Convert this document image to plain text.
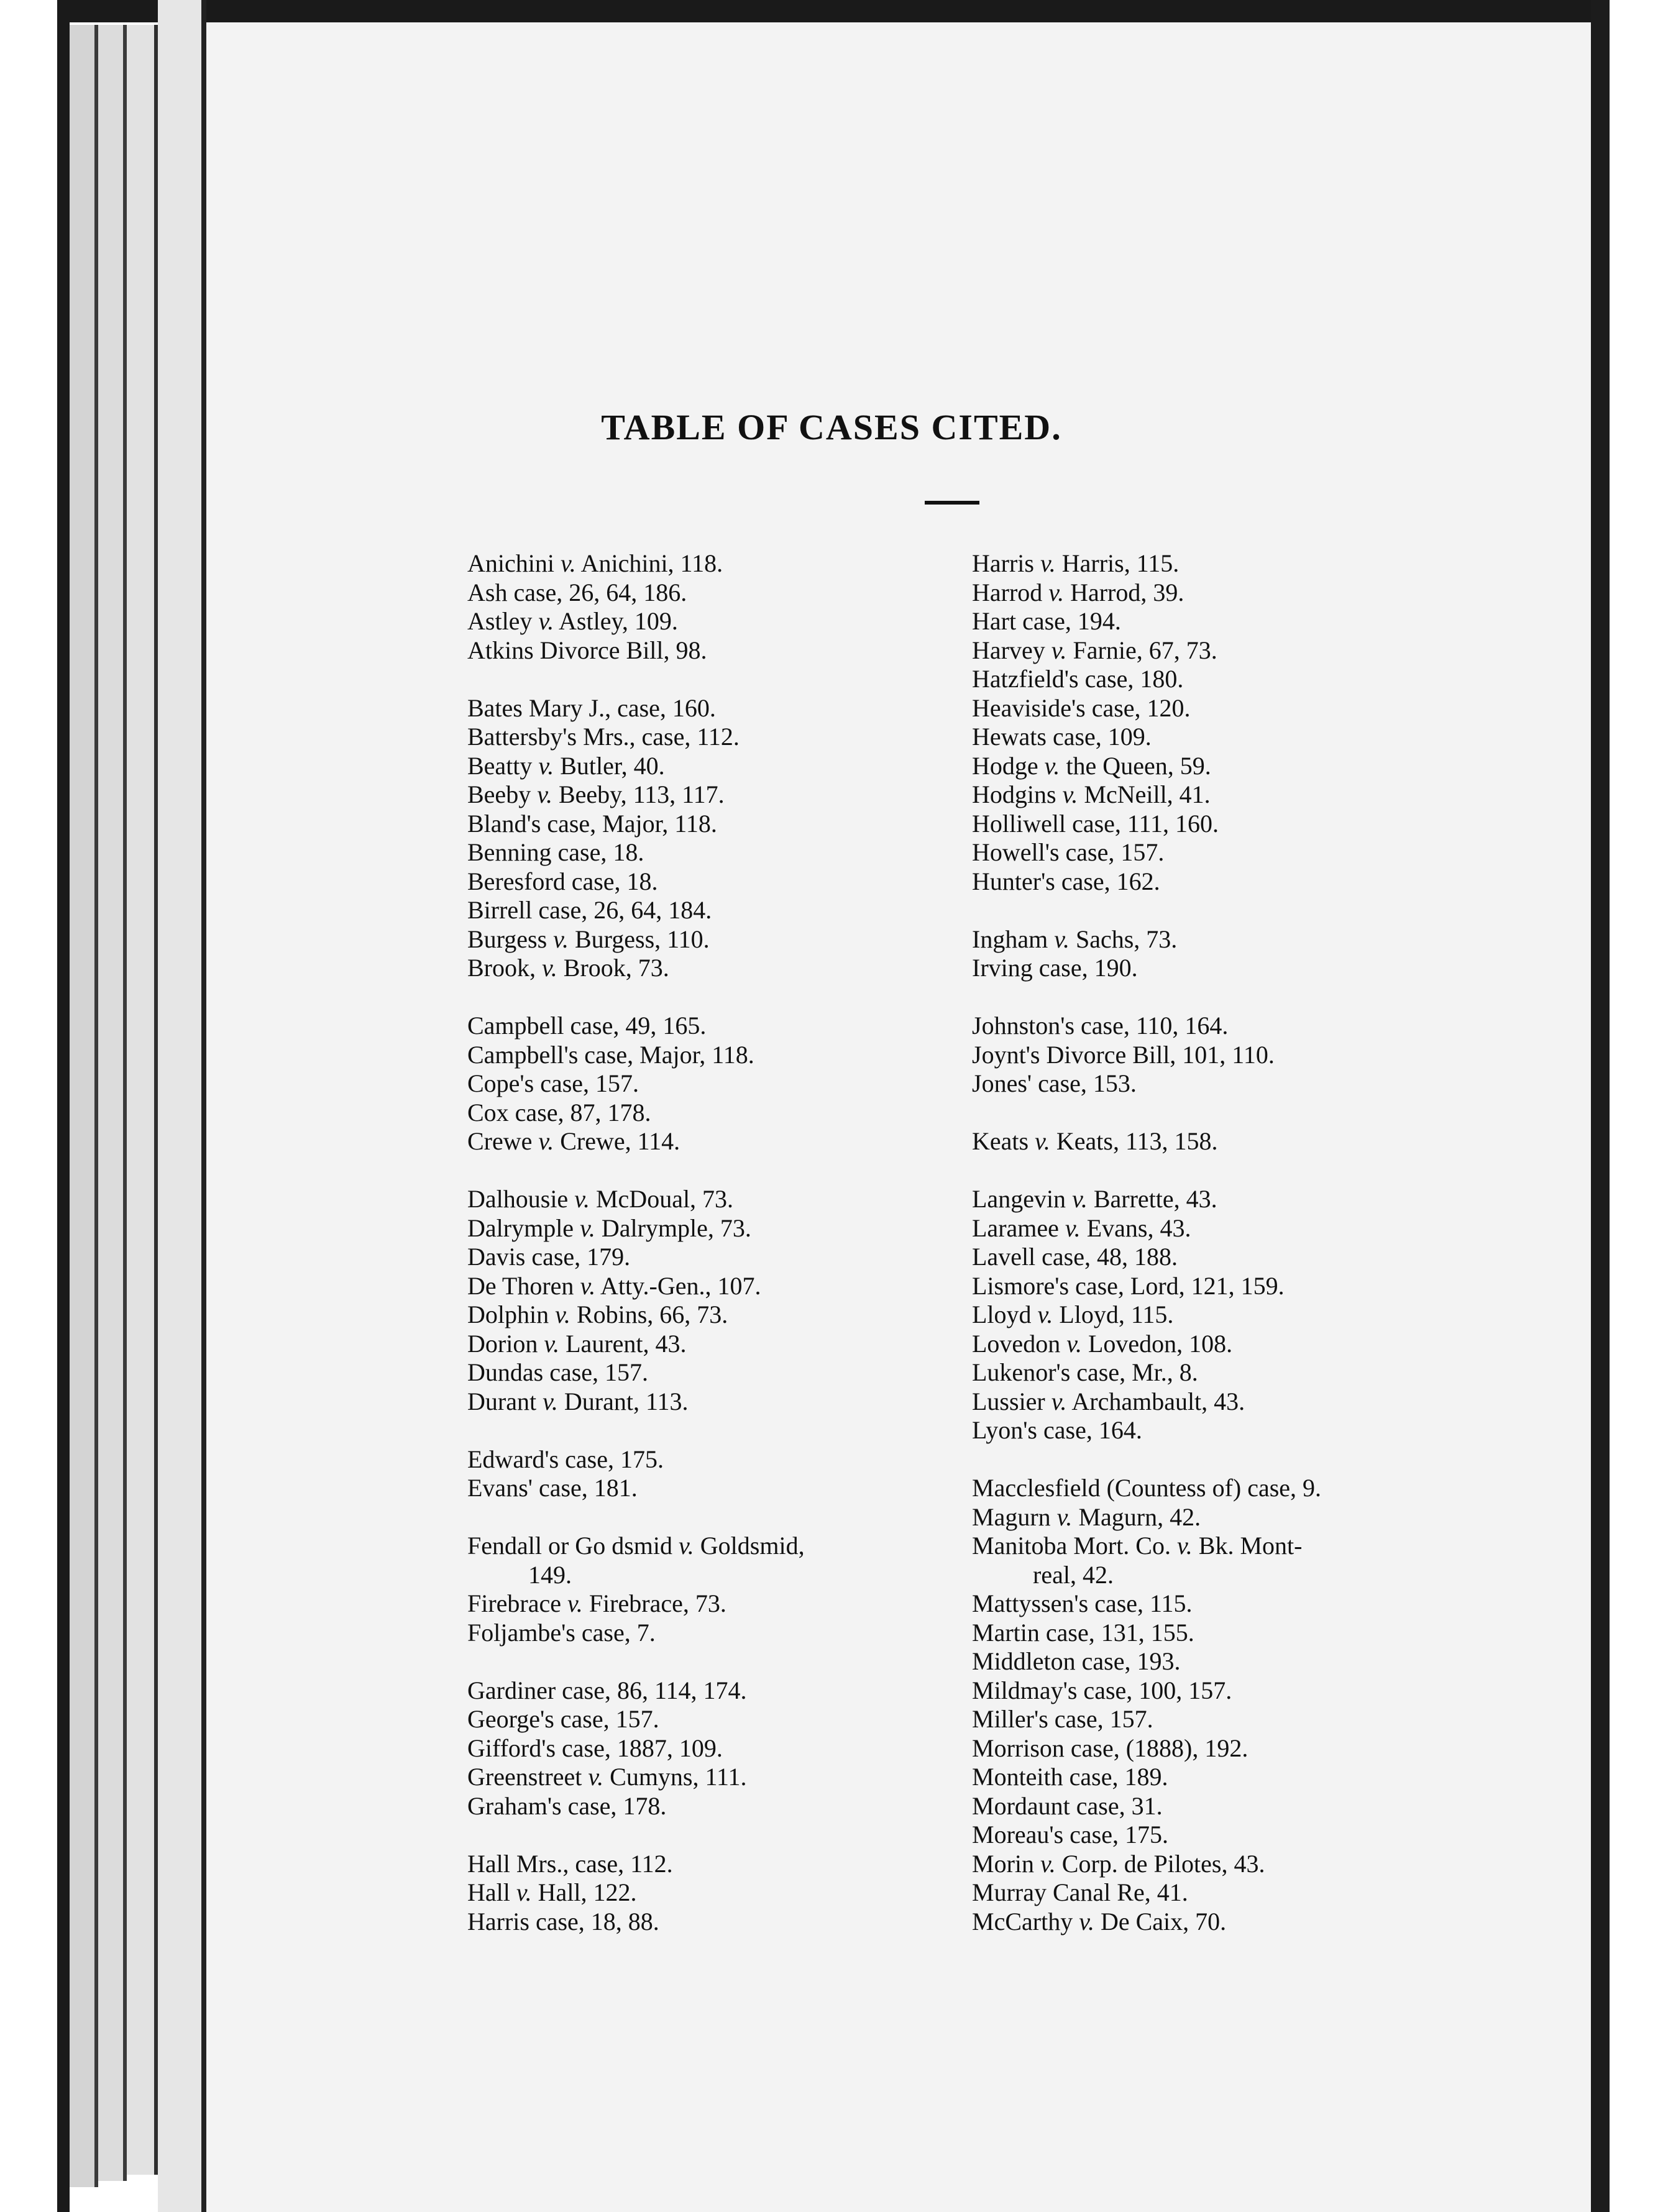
TABLE OF CASES CITED.
Anichini v. Anichini, 118.
Ash case, 26, 64, 186.
Astley v. Astley, 109.
Atkins Divorce Bill, 98.
Bates Mary J., case, 160.
Battersby's Mrs., case, 112.
Beatty v. Butler, 40.
Beeby v. Beeby, 113, 117.
Bland's case, Major, 118.
Benning case, 18.
Beresford case, 18.
Birrell case, 26, 64, 184.
Burgess v. Burgess, 110.
Brook, v. Brook, 73.
Campbell case, 49, 165.
Campbell's case, Major, 118.
Cope's case, 157.
Cox case, 87, 178.
Crewe v. Crewe, 114.
Dalhousie v. McDoual, 73.
Dalrymple v. Dalrymple, 73.
Davis case, 179.
De Thoren v. Atty.-Gen., 107.
Dolphin v. Robins, 66, 73.
Dorion v. Laurent, 43.
Dundas case, 157.
Durant v. Durant, 113.
Edward's case, 175.
Evans' case, 181.
Fendall or Go dsmid v. Goldsmid,
149.
Firebrace v. Firebrace, 73.
Foljambe's case, 7.
Gardiner case, 86, 114, 174.
George's case, 157.
Gifford's case, 1887, 109.
Greenstreet v. Cumyns, 111.
Graham's case, 178.
Hall Mrs., case, 112.
Hall v. Hall, 122.
Harris case, 18, 88.
Harris v. Harris, 115.
Harrod v. Harrod, 39.
Hart case, 194.
Harvey v. Farnie, 67, 73.
Hatzfield's case, 180.
Heaviside's case, 120.
Hewats case, 109.
Hodge v. the Queen, 59.
Hodgins v. McNeill, 41.
Holliwell case, 111, 160.
Howell's case, 157.
Hunter's case, 162.
Ingham v. Sachs, 73.
Irving case, 190.
Johnston's case, 110, 164.
Joynt's Divorce Bill, 101, 110.
Jones' case, 153.
Keats v. Keats, 113, 158.
Langevin v. Barrette, 43.
Laramee v. Evans, 43.
Lavell case, 48, 188.
Lismore's case, Lord, 121, 159.
Lloyd v. Lloyd, 115.
Lovedon v. Lovedon, 108.
Lukenor's case, Mr., 8.
Lussier v. Archambault, 43.
Lyon's case, 164.
Macclesfield (Countess of) case, 9.
Magurn v. Magurn, 42.
Manitoba Mort. Co. v. Bk. Mont-
real, 42.
Mattyssen's case, 115.
Martin case, 131, 155.
Middleton case, 193.
Mildmay's case, 100, 157.
Miller's case, 157.
Morrison case, (1888), 192.
Monteith case, 189.
Mordaunt case, 31.
Moreau's case, 175.
Morin v. Corp. de Pilotes, 43.
Murray Canal Re, 41.
McCarthy v. De Caix, 70.
